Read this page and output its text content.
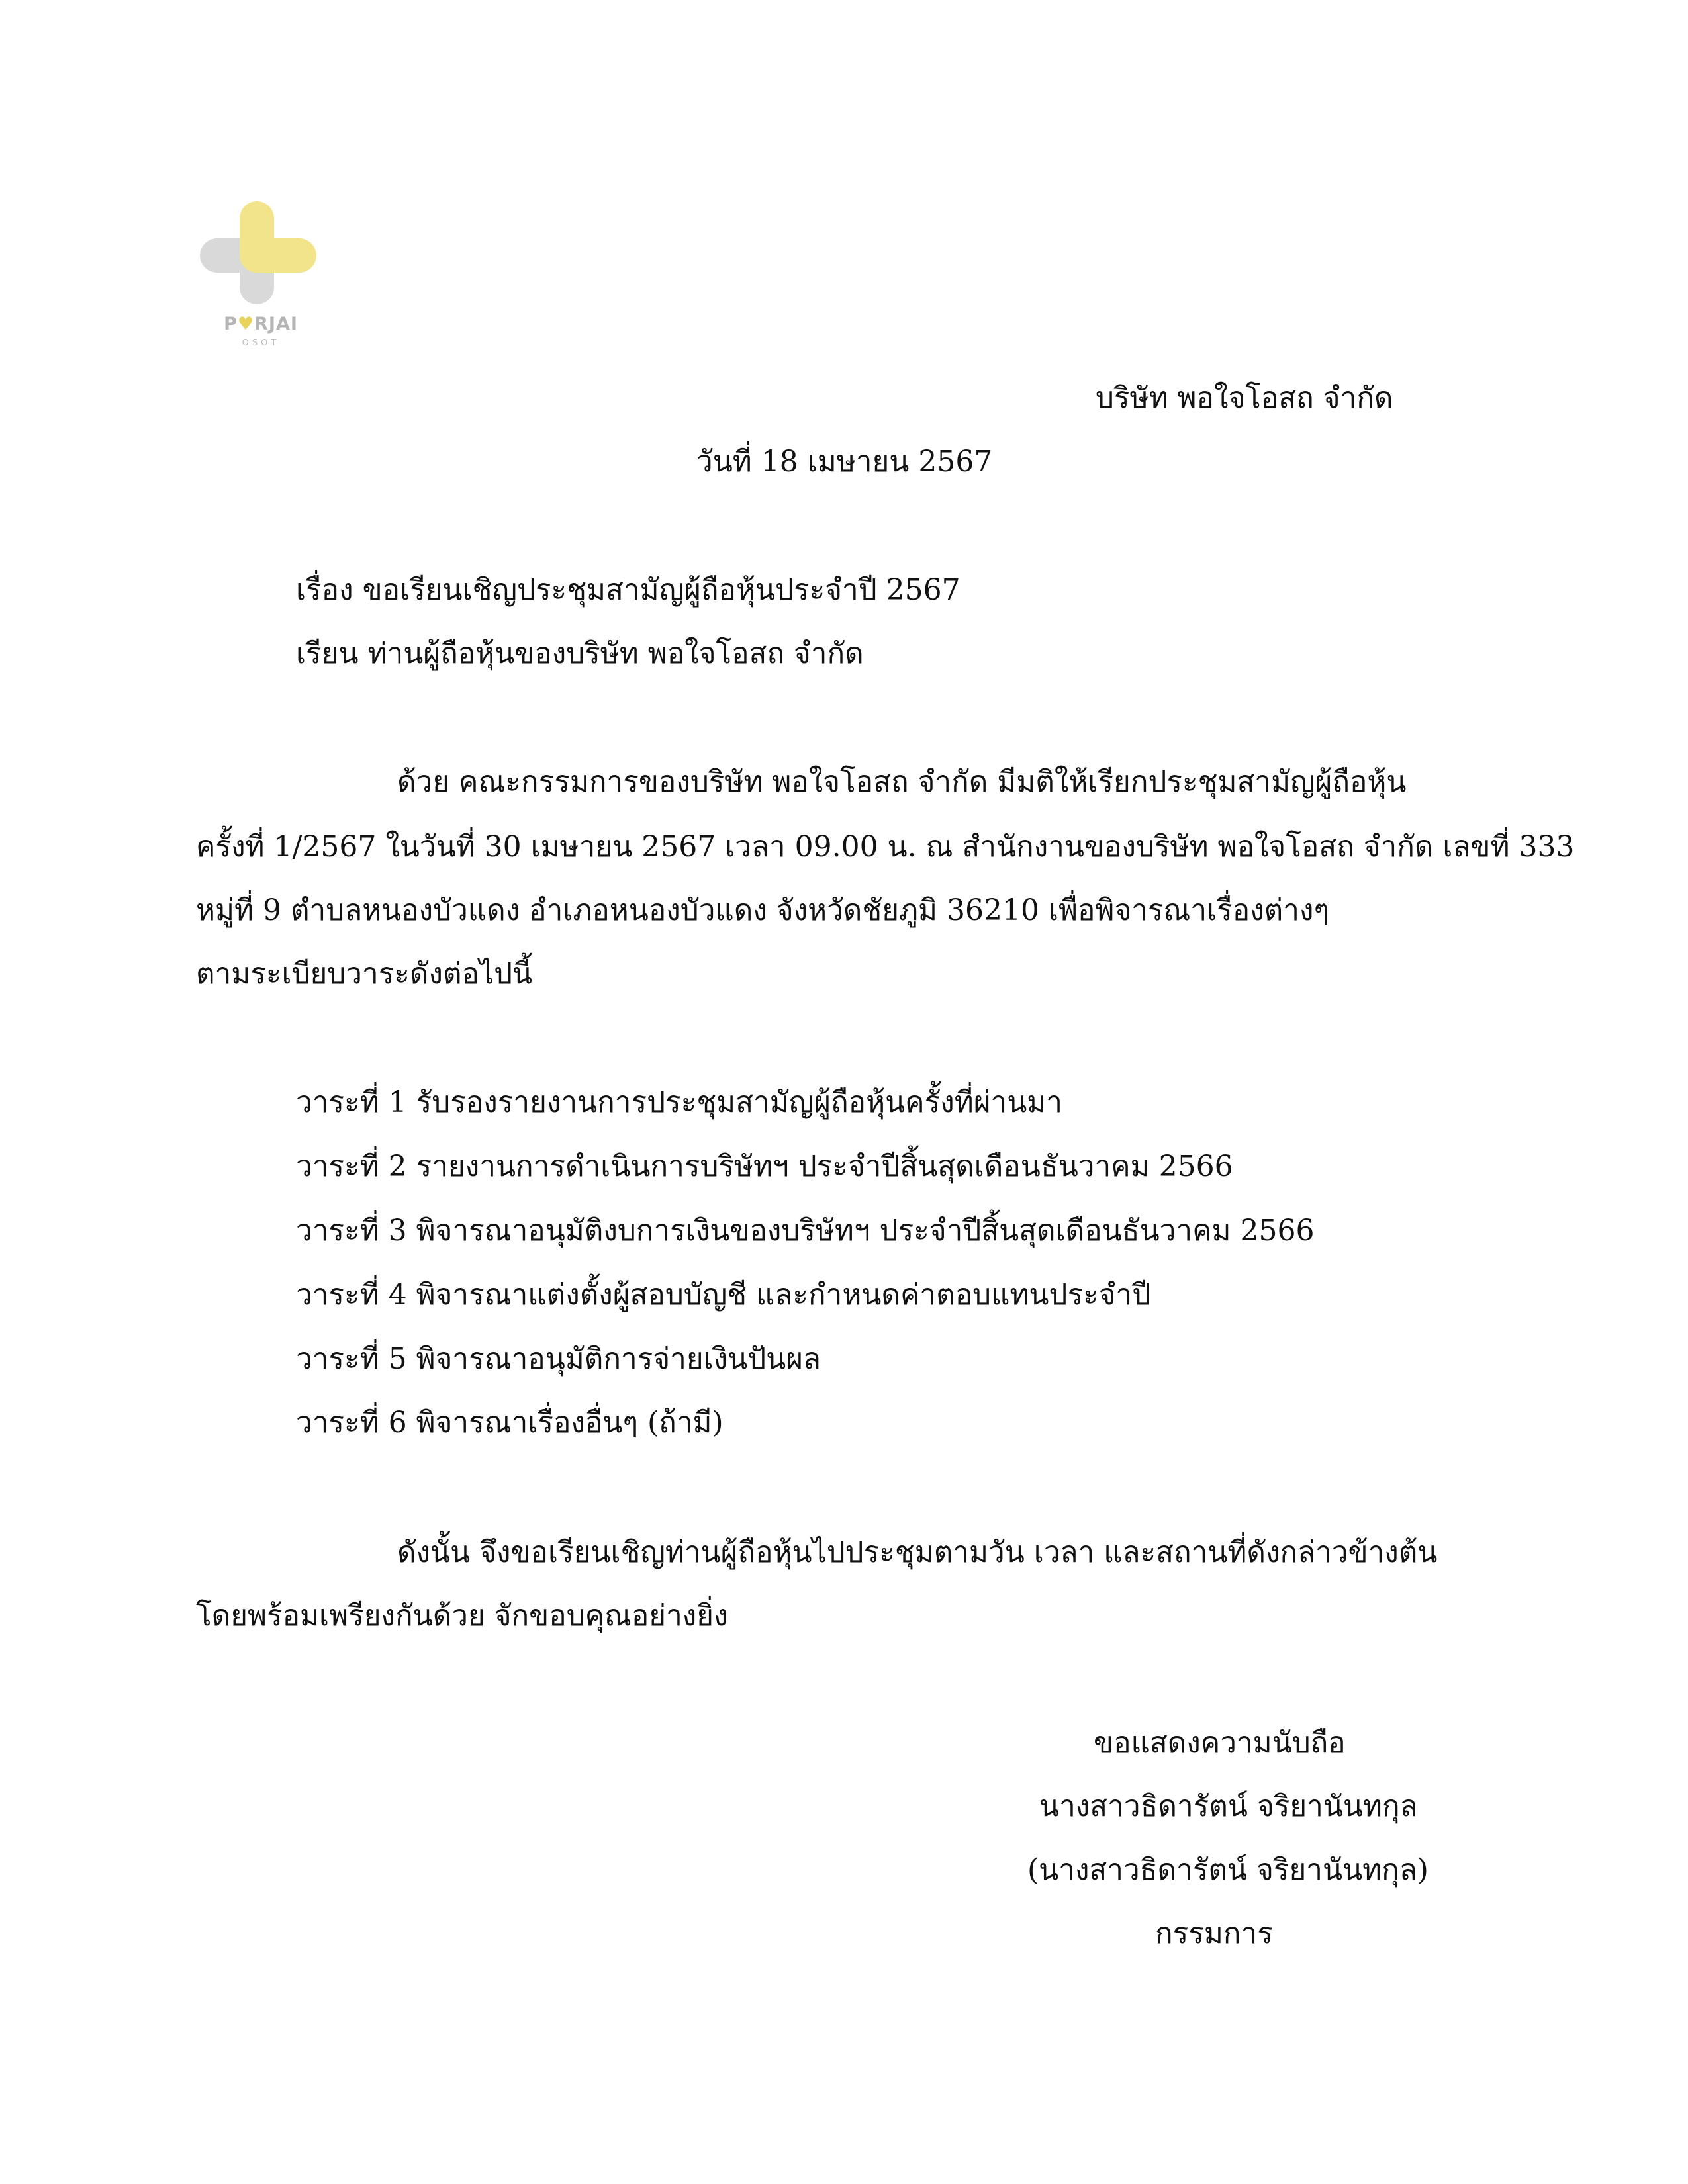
P♥RJAI
OSOT
บริษัท พอใจโอสถ จำกัด
วันที่ 18 เมษายน 2567
เรื่อง ขอเรียนเชิญประชุมสามัญผู้ถือหุ้นประจำปี 2567
เรียน ท่านผู้ถือหุ้นของบริษัท พอใจโอสถ จำกัด
ด้วย คณะกรรมการของบริษัท พอใจโอสถ จำกัด มีมติให้เรียกประชุมสามัญผู้ถือหุ้น
ครั้งที่ 1/2567 ในวันที่ 30 เมษายน 2567 เวลา 09.00 น. ณ สำนักงานของบริษัท พอใจโอสถ จำกัด เลขที่ 333
หมู่ที่ 9 ตำบลหนองบัวแดง อำเภอหนองบัวแดง จังหวัดชัยภูมิ 36210 เพื่อพิจารณาเรื่องต่างๆ
ตามระเบียบวาระดังต่อไปนี้
วาระที่ 1 รับรองรายงานการประชุมสามัญผู้ถือหุ้นครั้งที่ผ่านมา
วาระที่ 2 รายงานการดำเนินการบริษัทฯ ประจำปีสิ้นสุดเดือนธันวาคม 2566
วาระที่ 3 พิจารณาอนุมัติงบการเงินของบริษัทฯ ประจำปีสิ้นสุดเดือนธันวาคม 2566
วาระที่ 4 พิจารณาแต่งตั้งผู้สอบบัญชี และกำหนดค่าตอบแทนประจำปี
วาระที่ 5 พิจารณาอนุมัติการจ่ายเงินปันผล
วาระที่ 6 พิจารณาเรื่องอื่นๆ (ถ้ามี)
ดังนั้น จึงขอเรียนเชิญท่านผู้ถือหุ้นไปประชุมตามวัน เวลา และสถานที่ดังกล่าวข้างต้น
โดยพร้อมเพรียงกันด้วย จักขอบคุณอย่างยิ่ง
ขอแสดงความนับถือ
นางสาวธิดารัตน์ จริยานันทกุล
(นางสาวธิดารัตน์ จริยานันทกุล)
กรรมการ
